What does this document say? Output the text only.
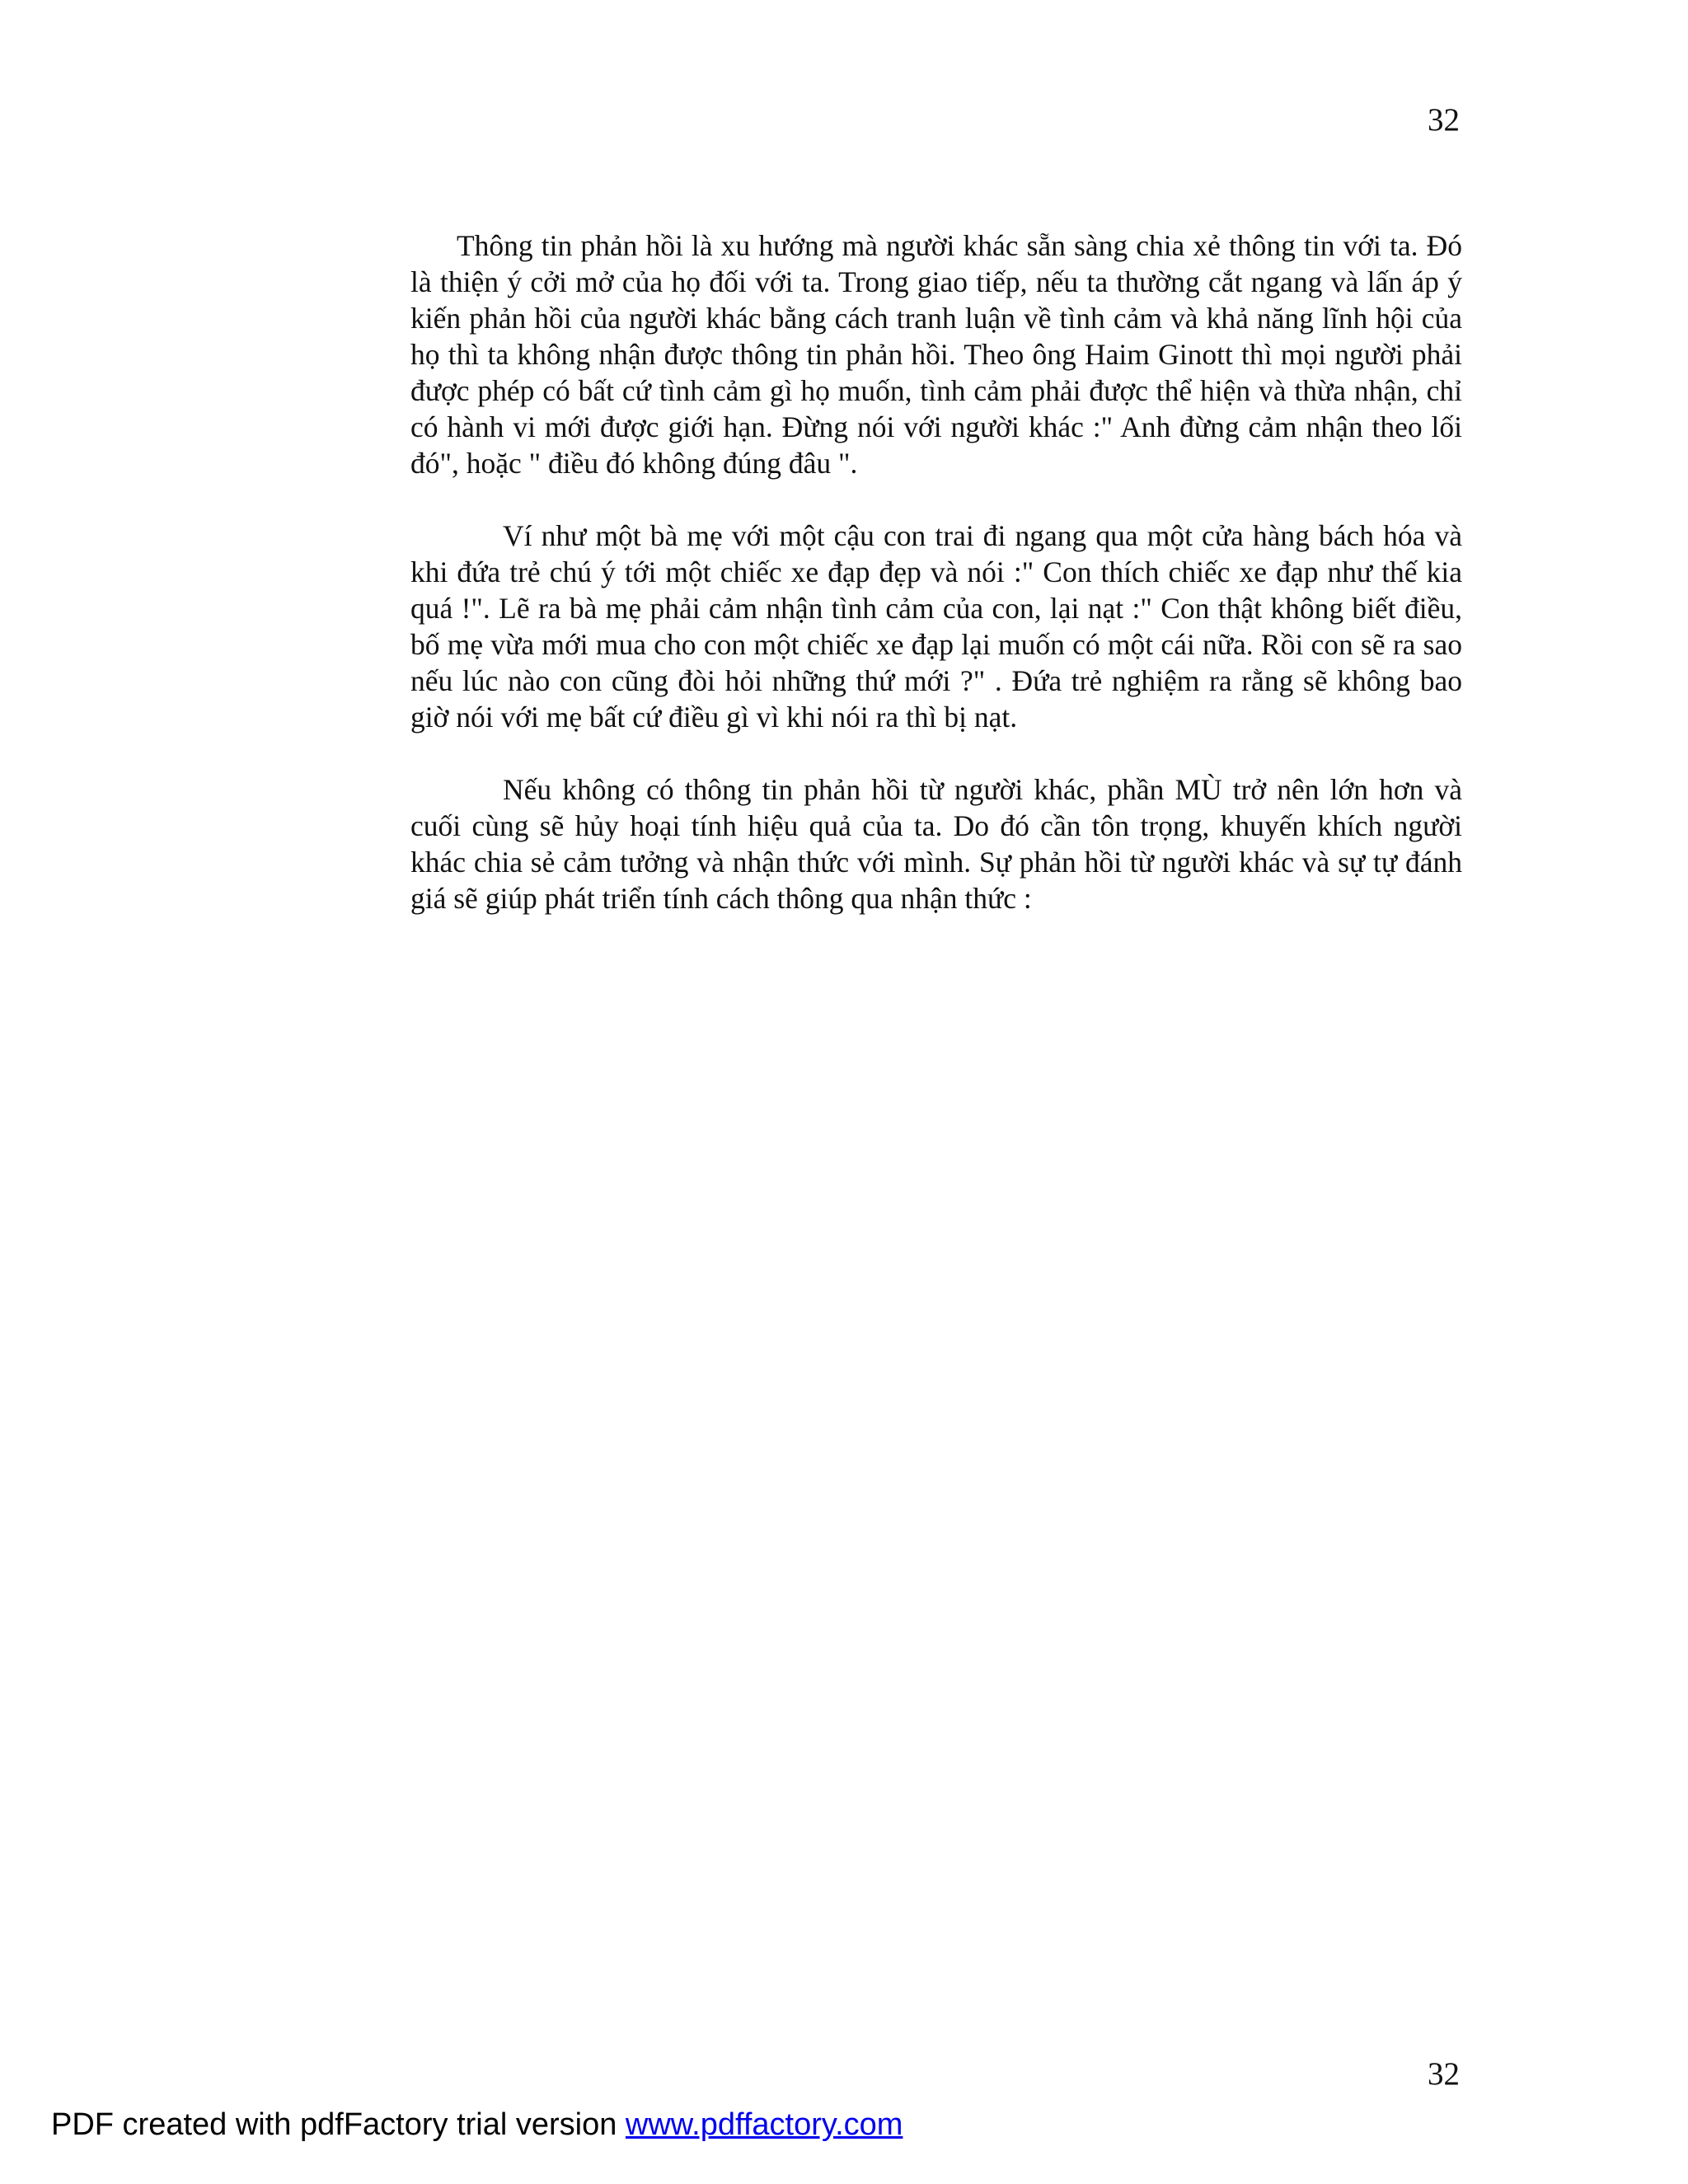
32

Thông tin phản hồi là xu hướng mà người khác sẵn sàng chia xẻ thông tin với ta. Đó là thiện ý cởi mở của họ đối với ta. Trong giao tiếp, nếu ta thường cắt ngang và lấn áp ý kiến phản hồi của người khác bằng cách tranh luận về tình cảm và khả năng lĩnh hội của họ thì ta không nhận được thông tin phản hồi. Theo ông Haim Ginott thì mọi người phải được phép có bất cứ tình cảm gì họ muốn, tình cảm phải được thể hiện và thừa nhận, chỉ có hành vi mới được giới hạn. Đừng nói với người khác :" Anh đừng cảm nhận theo lối đó", hoặc " điều đó không đúng đâu ".

Ví như một bà mẹ với một cậu con trai đi ngang qua một cửa hàng bách hóa và khi đứa trẻ chú ý tới một chiếc xe đạp đẹp và nói :" Con thích chiếc xe đạp như thế kia quá !". Lẽ ra bà mẹ phải cảm nhận tình cảm của con, lại nạt :" Con thật không biết điều, bố mẹ vừa mới mua cho con một chiếc xe đạp lại muốn có một cái nữa. Rồi con sẽ ra sao nếu lúc nào con cũng đòi hỏi những thứ mới ?" . Đứa trẻ nghiệm ra rằng sẽ không bao giờ nói với mẹ bất cứ điều gì vì khi nói ra thì bị nạt.

Nếu không có thông tin phản hồi từ người khác, phần MÙ trở nên lớn hơn và cuối cùng sẽ hủy hoại tính hiệu quả của ta. Do đó cần tôn trọng, khuyến khích người khác chia sẻ cảm tưởng và nhận thức với mình. Sự phản hồi từ người khác và sự tự đánh giá sẽ giúp phát triển tính cách thông qua nhận thức :

32
PDF created with pdfFactory trial version www.pdffactory.com
